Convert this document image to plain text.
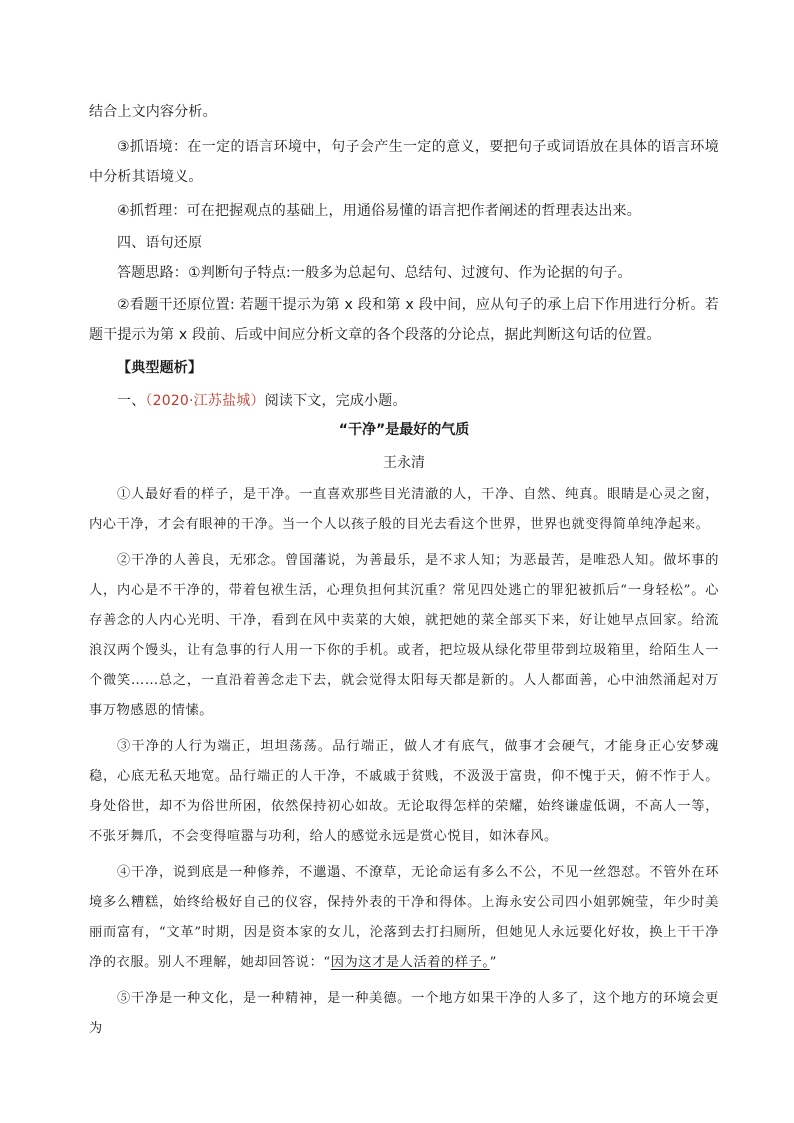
结合上文内容分析。

③抓语境：在一定的语言环境中，句子会产生一定的意义，要把句子或词语放在具体的语言环境中分析其语境义。

④抓哲理：可在把握观点的基础上，用通俗易懂的语言把作者阐述的哲理表达出来。

四、语句还原

答题思路：①判断句子特点:一般多为总起句、总结句、过渡句、作为论据的句子。

②看题干还原位置: 若题干提示为第 x 段和第 x 段中间，应从句子的承上启下作用进行分析。若题干提示为第 x 段前、后或中间应分析文章的各个段落的分论点，据此判断这句话的位置。

【典型题析】

一、（2020·江苏盐城）阅读下文，完成小题。

“干净”是最好的气质

王永清

①人最好看的样子，是干净。一直喜欢那些目光清澈的人，干净、自然、纯真。眼睛是心灵之窗，内心干净，才会有眼神的干净。当一个人以孩子般的目光去看这个世界，世界也就变得简单纯净起来。

②干净的人善良，无邪念。曾国藩说，为善最乐，是不求人知；为恶最苦，是唯恐人知。做坏事的人，内心是不干净的，带着包袱生活，心理负担何其沉重？常见四处逃亡的罪犯被抓后“一身轻松”。心存善念的人内心光明、干净，看到在风中卖菜的大娘，就把她的菜全部买下来，好让她早点回家。给流浪汉两个馒头，让有急事的行人用一下你的手机。或者，把垃圾从绿化带里带到垃圾箱里，给陌生人一个微笑……总之，一直沿着善念走下去，就会觉得太阳每天都是新的。人人都面善，心中油然涌起对万事万物感恩的情愫。

③干净的人行为端正，坦坦荡荡。品行端正，做人才有底气，做事才会硬气，才能身正心安梦魂稳，心底无私天地宽。品行端正的人干净，不戚戚于贫贱，不汲汲于富贵，仰不愧于天，俯不怍于人。身处俗世，却不为俗世所困，依然保持初心如故。无论取得怎样的荣耀，始终谦虚低调，不高人一等，不张牙舞爪，不会变得喧嚣与功利，给人的感觉永远是赏心悦目，如沐春风。

④干净，说到底是一种修养，不邋遢、不潦草，无论命运有多么不公，不见一丝怨怼。不管外在环境多么糟糕，始终给极好自己的仪容，保持外表的干净和得体。上海永安公司四小姐郭婉莹，年少时美丽而富有，“文革”时期，因是资本家的女儿，沦落到去打扫厕所，但她见人永远要化好妆，换上干干净净的衣服。别人不理解，她却回答说：“因为这才是人活着的样子。”

⑤干净是一种文化，是一种精神，是一种美德。一个地方如果干净的人多了，这个地方的环境会更为
